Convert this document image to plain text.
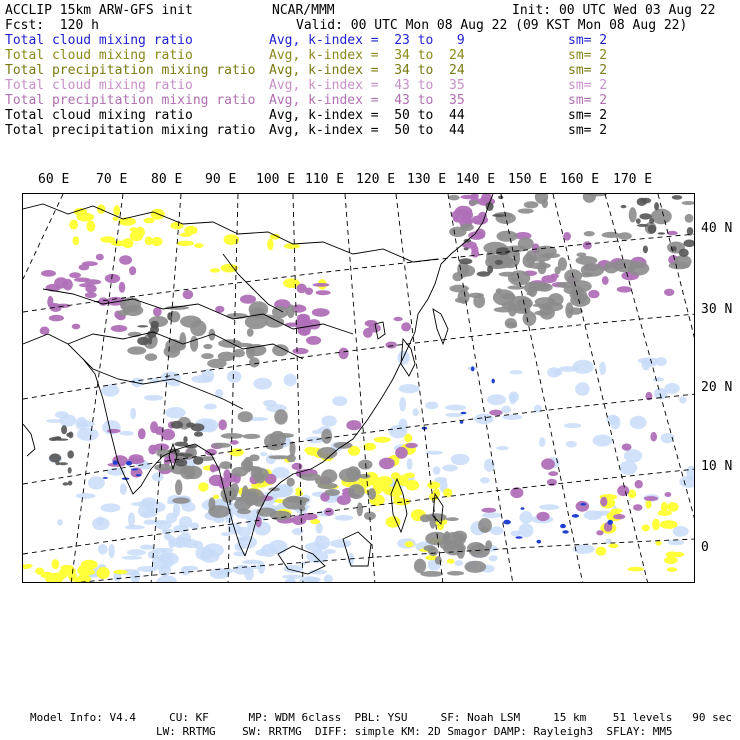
ACCLIP 15km ARW-GFS init	NCAR/MMM	Init: 00 UTC Wed 03 Aug 22
Fcst:  120 h	Valid: 00 UTC Mon 08 Aug 22 (09 KST Mon 08 Aug 22)
Total cloud mixing ratio	Avg, k-index =  23 to   9	sm= 2
Total cloud mixing ratio	Avg, k-index =  34 to  24	sm= 2
Total precipitation mixing ratio Avg, k-index =  34 to  24	sm= 2
Total cloud mixing ratio	Avg, k-index =  43 to  35	sm= 2
Total precipitation mixing ratio Avg, k-index =  43 to  35	sm= 2
Total cloud mixing ratio	Avg, k-index =  50 to  44	sm= 2
Total precipitation mixing ratio Avg, k-index =  50 to  44	sm= 2
60 E 70 E 80 E 90 E 100 E 110 E 120 E 130 E 140 E 150 E 160 E 170 E
40 N
30 N
20 N
10 N
0
Model Info: V4.4     CU: KF      MP: WDM 6class  PBL: YSU     SF: Noah LSM     15 km    51 levels   90 sec
LW: RRTMG    SW: RRTMG  DIFF: simple KM: 2D Smagor DAMP: Rayleigh3  SFLAY: MM5
